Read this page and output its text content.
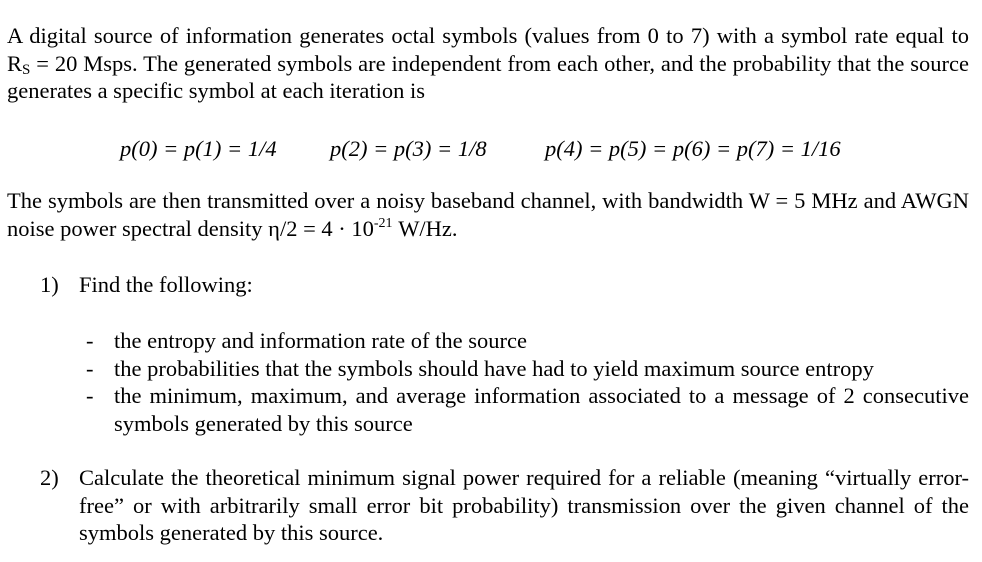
A digital source of information generates octal symbols (values from 0 to 7) with a symbol rate equal to $R_S = 20$ Msps. The generated symbols are independent from each other, and the probability that the source generates a specific symbol at each iteration is
p(0) = p(1) = 1/4 p(2) = p(3) = 1/8	p(4) = p(5) = p(6) = p(7) = 1/16
The symbols are then transmitted over a noisy baseband channel, with bandwidth W = 5 MHz and AWGN noise power spectral density $\eta/2 = 4 \cdot 10^{-21}$ W/Hz.
1) Find the following:
- the entropy and information rate of the source
- the probabilities that the symbols should have had to yield maximum source entropy
- the minimum, maximum, and average information associated to a message of 2 consecutive symbols generated by this source
2) Calculate the theoretical minimum signal power required for a reliable (meaning “virtually error-free” or with arbitrarily small error bit probability) transmission over the given channel of the symbols generated by this source.
